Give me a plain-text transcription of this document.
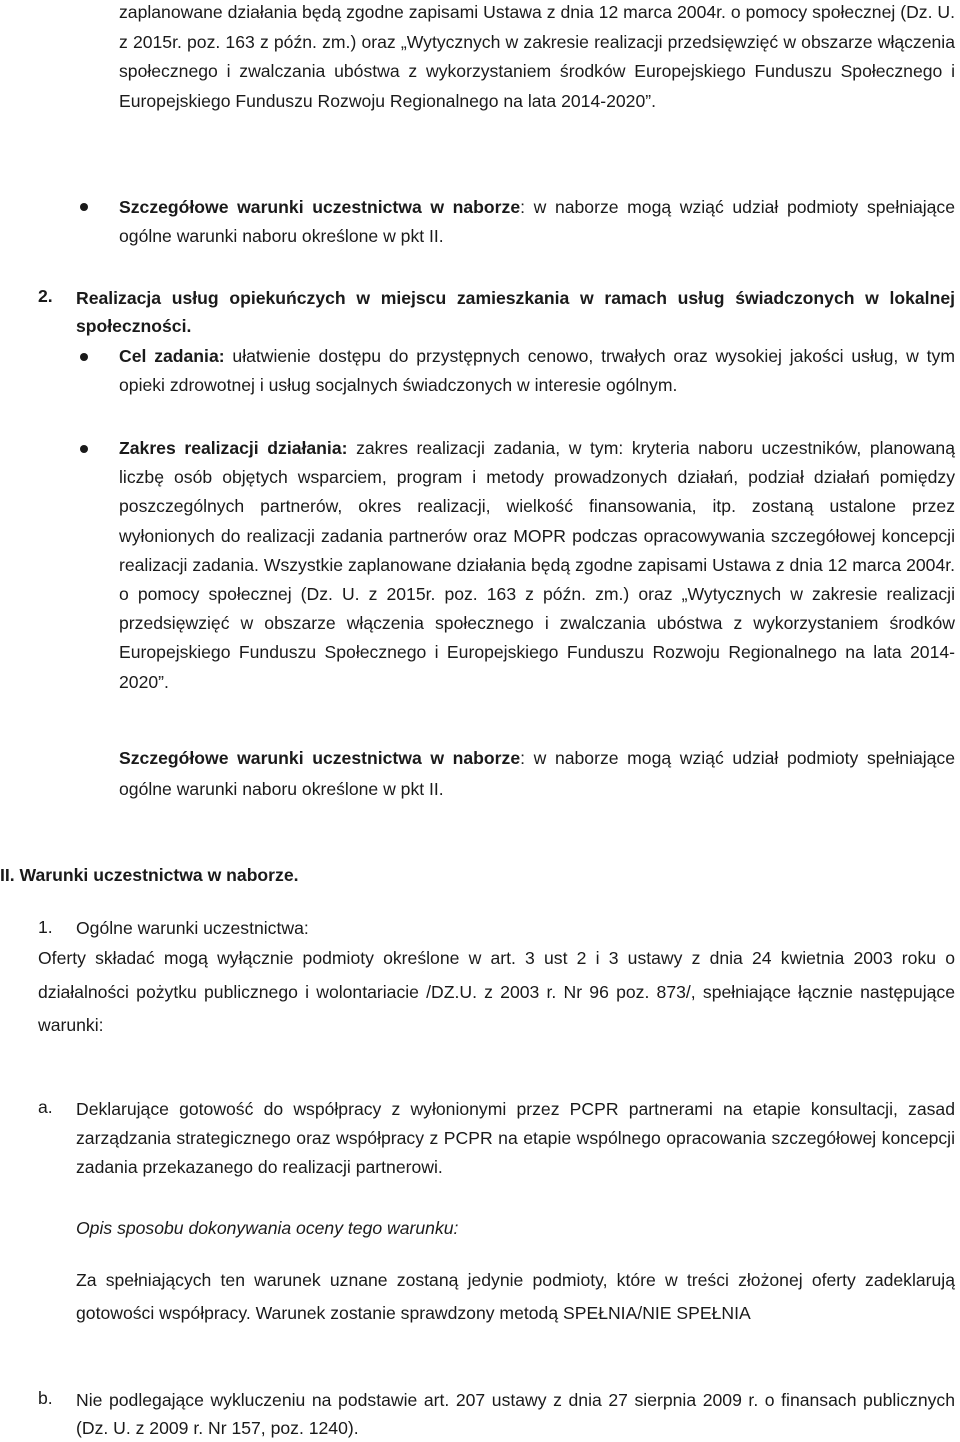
zaplanowane działania będą zgodne zapisami Ustawa z dnia 12 marca 2004r. o pomocy społecznej (Dz. U. z 2015r. poz. 163 z późn. zm.) oraz „Wytycznych w zakresie realizacji przedsięwzięć w obszarze włączenia społecznego i zwalczania ubóstwa z wykorzystaniem środków Europejskiego Funduszu Społecznego i Europejskiego Funduszu Rozwoju Regionalnego na lata 2014-2020”.

Szczegółowe warunki uczestnictwa w naborze: w naborze mogą wziąć udział podmioty spełniające ogólne warunki naboru określone w pkt II.

2. Realizacja usług opiekuńczych w miejscu zamieszkania w ramach usług świadczonych w lokalnej społeczności.

Cel zadania: ułatwienie dostępu do przystępnych cenowo, trwałych oraz wysokiej jakości usług, w tym opieki zdrowotnej i usług socjalnych świadczonych w interesie ogólnym.

Zakres realizacji działania: zakres realizacji zadania, w tym: kryteria naboru uczestników, planowaną liczbę osób objętych wsparciem, program i metody prowadzonych działań, podział działań pomiędzy poszczególnych partnerów, okres realizacji, wielkość finansowania, itp. zostaną ustalone przez wyłonionych do realizacji zadania partnerów oraz MOPR podczas opracowywania szczegółowej koncepcji realizacji zadania. Wszystkie zaplanowane działania będą zgodne zapisami Ustawa z dnia 12 marca 2004r. o pomocy społecznej (Dz. U. z 2015r. poz. 163 z późn. zm.) oraz „Wytycznych w zakresie realizacji przedsięwzięć w obszarze włączenia społecznego i zwalczania ubóstwa z wykorzystaniem środków Europejskiego Funduszu Społecznego i Europejskiego Funduszu Rozwoju Regionalnego na lata 2014-2020”.

Szczegółowe warunki uczestnictwa w naborze: w naborze mogą wziąć udział podmioty spełniające ogólne warunki naboru określone w pkt II.

II. Warunki uczestnictwa w naborze.

1. Ogólne warunki uczestnictwa:

Oferty składać mogą wyłącznie podmioty określone w art. 3 ust 2 i 3 ustawy z dnia 24 kwietnia 2003 roku o działalności pożytku publicznego i wolontariacie /DZ.U. z 2003 r. Nr 96 poz. 873/, spełniające łącznie następujące warunki:

a. Deklarujące gotowość do współpracy z wyłonionymi przez PCPR partnerami na etapie konsultacji, zasad zarządzania strategicznego oraz współpracy z PCPR na etapie wspólnego opracowania szczegółowej koncepcji zadania przekazanego do realizacji partnerowi.

Opis sposobu dokonywania oceny tego warunku:

Za spełniających ten warunek uznane zostaną jedynie podmioty, które w treści złożonej oferty zadeklarują gotowości współpracy. Warunek zostanie sprawdzony metodą SPEŁNIA/NIE SPEŁNIA

b. Nie podlegające wykluczeniu na podstawie art. 207 ustawy z dnia 27 sierpnia 2009 r. o finansach publicznych (Dz. U. z 2009 r. Nr 157, poz. 1240).
